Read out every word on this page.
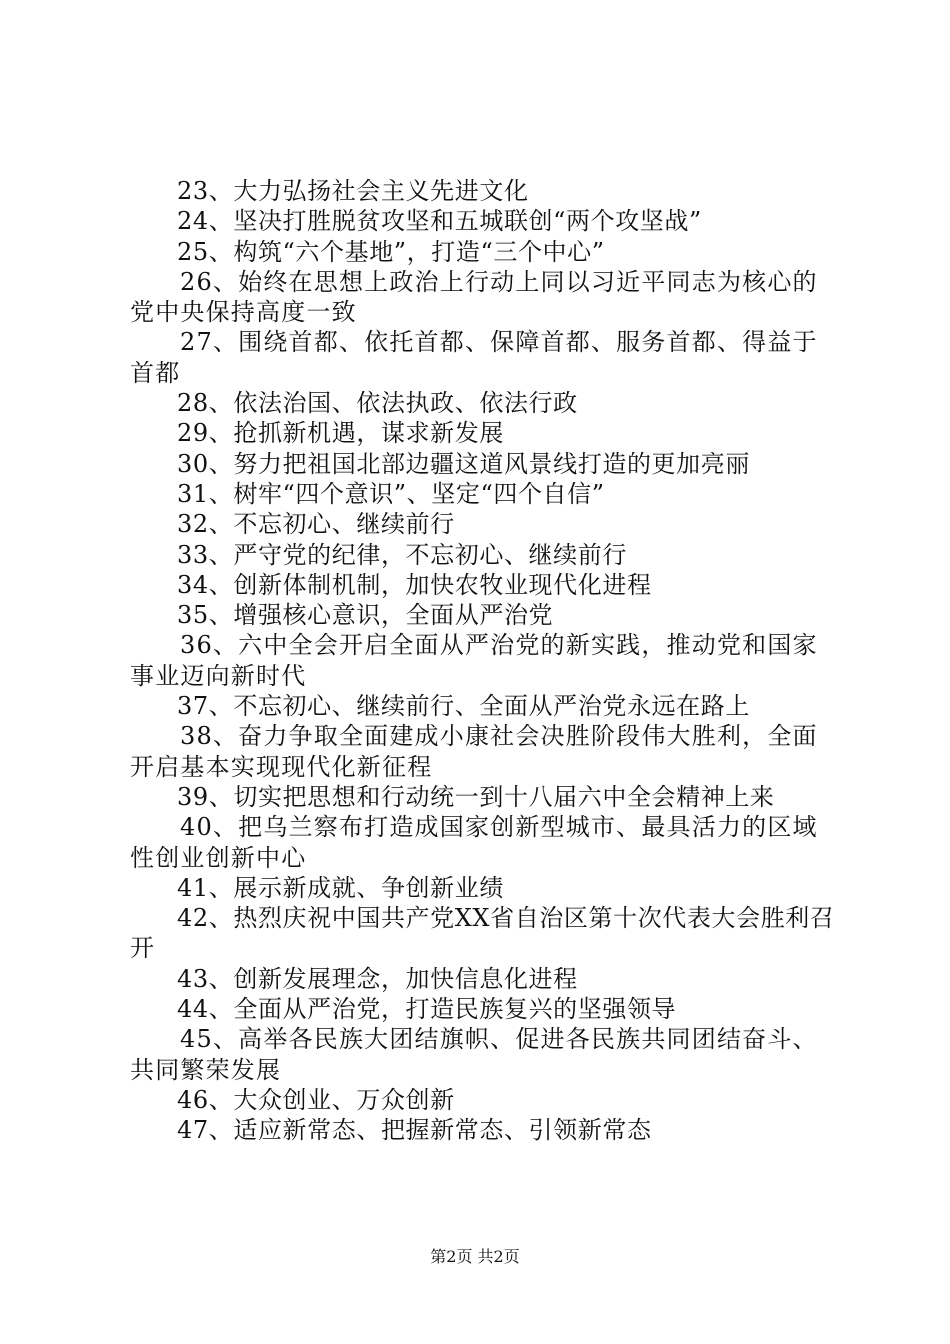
23、大力弘扬社会主义先进文化

24、坚决打胜脱贫攻坚和五城联创“两个攻坚战”

25、构筑“六个基地”，打造“三个中心”

26、始终在思想上政治上行动上同以习近平同志为核心的党中央保持高度一致

27、围绕首都、依托首都、保障首都、服务首都、得益于首都

28、依法治国、依法执政、依法行政

29、抢抓新机遇，谋求新发展

30、努力把祖国北部边疆这道风景线打造的更加亮丽

31、树牢“四个意识”、坚定“四个自信”

32、不忘初心、继续前行

33、严守党的纪律，不忘初心、继续前行

34、创新体制机制，加快农牧业现代化进程

35、增强核心意识，全面从严治党

36、六中全会开启全面从严治党的新实践，推动党和国家事业迈向新时代

37、不忘初心、继续前行、全面从严治党永远在路上

38、奋力争取全面建成小康社会决胜阶段伟大胜利，全面开启基本实现现代化新征程

39、切实把思想和行动统一到十八届六中全会精神上来

40、把乌兰察布打造成国家创新型城市、最具活力的区域性创业创新中心

41、展示新成就、争创新业绩

42、热烈庆祝中国共产党XX省自治区第十次代表大会胜利召开

43、创新发展理念，加快信息化进程

44、全面从严治党，打造民族复兴的坚强领导

45、高举各民族大团结旗帜、促进各民族共同团结奋斗、共同繁荣发展

46、大众创业、万众创新

47、适应新常态、把握新常态、引领新常态

第2页 共2页
